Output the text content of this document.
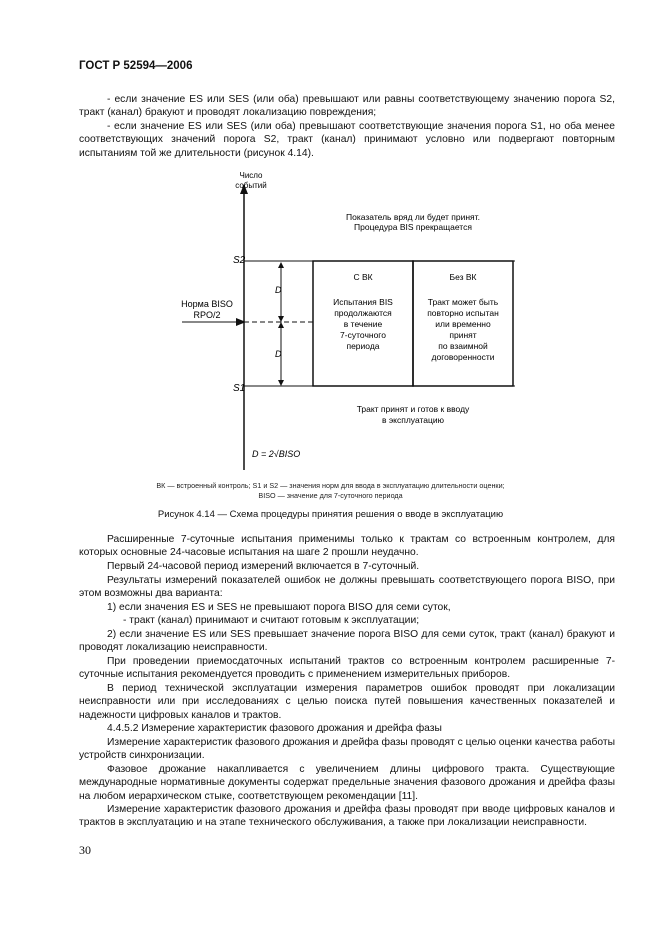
ГОСТ Р 52594—2006
- если значение ES или SES (или оба) превышают или равны соответствующему значению порога S2, тракт (канал) бракуют и проводят локализацию повреждения;
- если значение ES или SES (или оба) превышают соответствующие значения порога S1, но оба менее соответствующих значений порога S2, тракт (канал) принимают условно или подвергают повторным испытаниям той же длительности (рисунок 4.14).
Число
событий
Показатель вряд ли будет принят.
Процедура BIS прекращается
S2
S1
Норма BISO
RPO/2
D
D
С ВК
Испытания BIS
продолжаются
в течение
7-суточного
периода
Без ВК
Тракт может быть
повторно испытан
или временно
принят
по взаимной
договоренности
Тракт принят и готов к вводу
в эксплуатацию
D = 2√BISO
ВК — встроенный контроль; S1 и S2 — значения норм для ввода в эксплуатацию длительности оценки;
BISO — значение для 7-суточного периода
Рисунок 4.14 — Схема процедуры принятия решения о вводе в эксплуатацию
Расширенные 7-суточные испытания применимы только к трактам со встроенным контролем, для которых основные 24-часовые испытания на шаге 2 прошли неудачно.
Первый 24-часовой период измерений включается в 7-суточный.
Результаты измерений показателей ошибок не должны превышать соответствующего порога BISO, при этом возможны два варианта:
1) если значения ES и SES не превышают порога BISO для семи суток,
- тракт (канал) принимают и считают готовым к эксплуатации;
2) если значение ES или SES превышает значение порога BISO для семи суток, тракт (канал) бракуют и проводят локализацию неисправности.
При проведении приемосдаточных испытаний трактов со встроенным контролем расширенные 7-суточные испытания рекомендуется проводить с применением измерительных приборов.
В период технической эксплуатации измерения параметров ошибок проводят при локализации неисправности или при исследованиях с целью поиска путей повышения качественных показателей и надежности цифровых каналов и трактов.
4.4.5.2 Измерение характеристик фазового дрожания и дрейфа фазы
Измерение характеристик фазового дрожания и дрейфа фазы проводят с целью оценки качества работы устройств синхронизации.
Фазовое дрожание накапливается с увеличением длины цифрового тракта. Существующие международные нормативные документы содержат предельные значения фазового дрожания и дрейфа фазы на любом иерархическом стыке, соответствующем рекомендации [11].
Измерение характеристик фазового дрожания и дрейфа фазы проводят при вводе цифровых каналов и трактов в эксплуатацию и на этапе технического обслуживания, а также при локализации неисправности.
30
